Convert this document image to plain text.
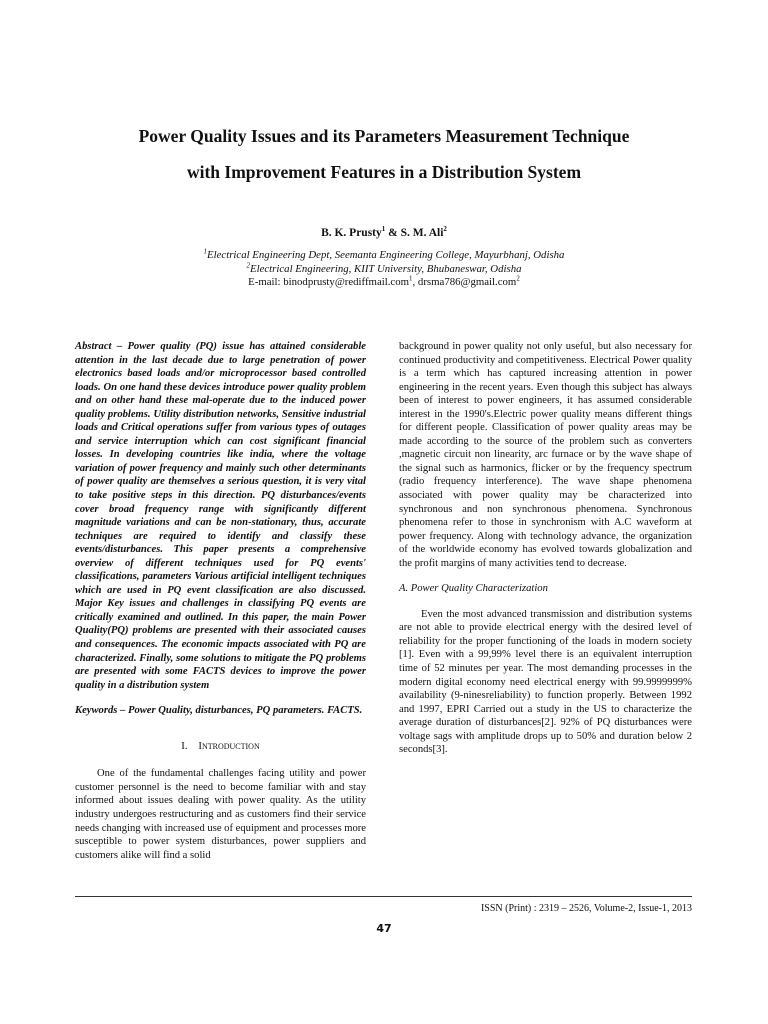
Power Quality Issues and its Parameters Measurement Technique
with Improvement Features in a Distribution System
B. K. Prusty$^1$ & S. M. Ali$^2$
$^1$Electrical Engineering Dept, Seemanta Engineering College, Mayurbhanj, Odisha
$^2$Electrical Engineering, KIIT University, Bhubaneswar, Odisha
E-mail: binodprusty@rediffmail.com$^1$, drsma786@gmail.com$^2$

Abstract – Power quality (PQ) issue has attained considerable attention in the last decade due to large penetration of power electronics based loads and/or microprocessor based controlled loads. On one hand these devices introduce power quality problem and on other hand these mal-operate due to the induced power quality problems. Utility distribution networks, Sensitive industrial loads and Critical operations suffer from various types of outages and service interruption which can cost significant financial losses. In developing countries like india, where the voltage variation of power frequency and mainly such other determinants of power quality are themselves a serious question, it is very vital to take positive steps in this direction. PQ disturbances/events cover broad frequency range with significantly different magnitude variations and can be non-stationary, thus, accurate techniques are required to identify and classify these events/disturbances. This paper presents a comprehensive overview of different techniques used for PQ events' classifications, parameters Various artificial intelligent techniques which are used in PQ event classification are also discussed. Major Key issues and challenges in classifying PQ events are critically examined and outlined. In this paper, the main Power Quality(PQ) problems are presented with their associated causes and consequences. The economic impacts associated with PQ are characterized. Finally, some solutions to mitigate the PQ problems are presented with some FACTS devices to improve the power quality in a distribution system

Keywords – Power Quality, disturbances, PQ parameters. FACTS.

I. Introduction

One of the fundamental challenges facing utility and power customer personnel is the need to become familiar with and stay informed about issues dealing with power quality. As the utility industry undergoes restructuring and as customers find their service needs changing with increased use of equipment and processes more susceptible to power system disturbances, power suppliers and customers alike will find a solid

background in power quality not only useful, but also necessary for continued productivity and competitiveness. Electrical Power quality is a term which has captured increasing attention in power engineering in the recent years. Even though this subject has always been of interest to power engineers, it has assumed considerable interest in the 1990's.Electric power quality means different things for different people. Classification of power quality areas may be made according to the source of the problem such as converters ,magnetic circuit non linearity, arc furnace or by the wave shape of the signal such as harmonics, flicker or by the frequency spectrum (radio frequency interference). The wave shape phenomena associated with power quality may be characterized into synchronous and non synchronous phenomena. Synchronous phenomena refer to those in synchronism with A.C waveform at power frequency. Along with technology advance, the organization of the worldwide economy has evolved towards globalization and the profit margins of many activities tend to decrease.

A. Power Quality Characterization

Even the most advanced transmission and distribution systems are not able to provide electrical energy with the desired level of reliability for the proper functioning of the loads in modern society [1]. Even with a 99,99% level there is an equivalent interruption time of 52 minutes per year. The most demanding processes in the modern digital economy need electrical energy with 99.9999999% availability (9-ninesreliability) to function properly. Between 1992 and 1997, EPRI Carried out a study in the US to characterize the average duration of disturbances[2]. 92% of PQ disturbances were voltage sags with amplitude drops up to 50% and duration below 2 seconds[3].

ISSN (Print) : 2319 – 2526, Volume-2, Issue-1, 2013
47
